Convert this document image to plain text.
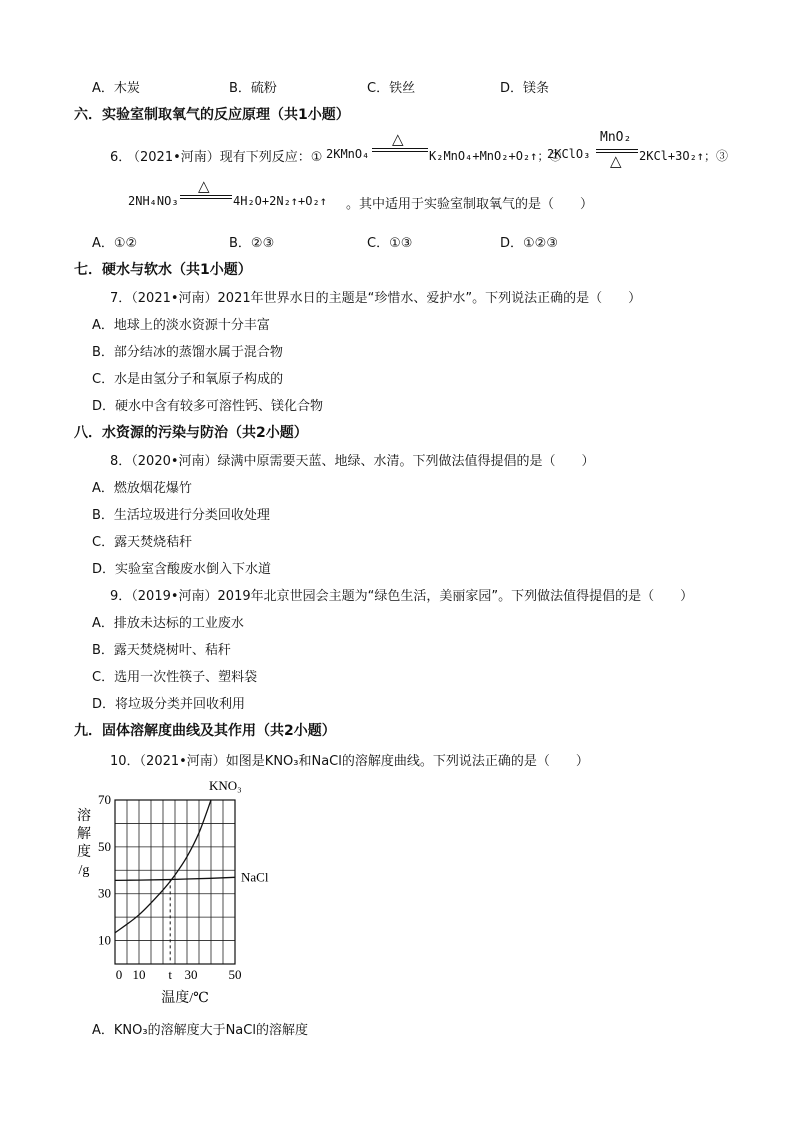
A．木炭	B．硫粉	C．铁丝	D．镁条
六．实验室制取氧气的反应原理（共1小题）
6．
（2021•河南）现有下列反应：① 2KMnO₄
△
K₂MnO₄+MnO₂+O₂↑；②
2KClO₃
MnO₂
△ 2KCl+3O₂↑；③
2NH₄NO₃
△
4H₂O+2N₂↑+O₂↑ 。其中适用于实验室制取氧气的是（　　）
A．①②	B．②③	C．①③	D．①②③
七．硬水与软水（共1小题）
7．（2021•河南）2021年世界水日的主题是“珍惜水、爱护水”。下列说法正确的是（　　）
A．地球上的淡水资源十分丰富
B．部分结冰的蒸馏水属于混合物
C．水是由氢分子和氧原子构成的
D．硬水中含有较多可溶性钙、镁化合物
八．水资源的污染与防治（共2小题）
8．（2020•河南）绿满中原需要天蓝、地绿、水清。下列做法值得提倡的是（　　）
A．燃放烟花爆竹
B．生活垃圾进行分类回收处理
C．露天焚烧秸秆
D．实验室含酸废水倒入下水道
9．（2019•河南）2019年北京世园会主题为“绿色生活，美丽家园”。下列做法值得提倡的是（　　）
A．排放未达标的工业废水
B．露天焚烧树叶、秸秆
C．选用一次性筷子、塑料袋
D．将垃圾分类并回收利用
九．固体溶解度曲线及其作用（共2小题）
10．（2021•河南）如图是KNO₃和NaCl的溶解度曲线。下列说法正确的是（　　）
10
30
50
70
0 10 t 30 50
溶
解
度
/g
温度/℃
KNO₃
NaCl
A．KNO₃的溶解度大于NaCl的溶解度
